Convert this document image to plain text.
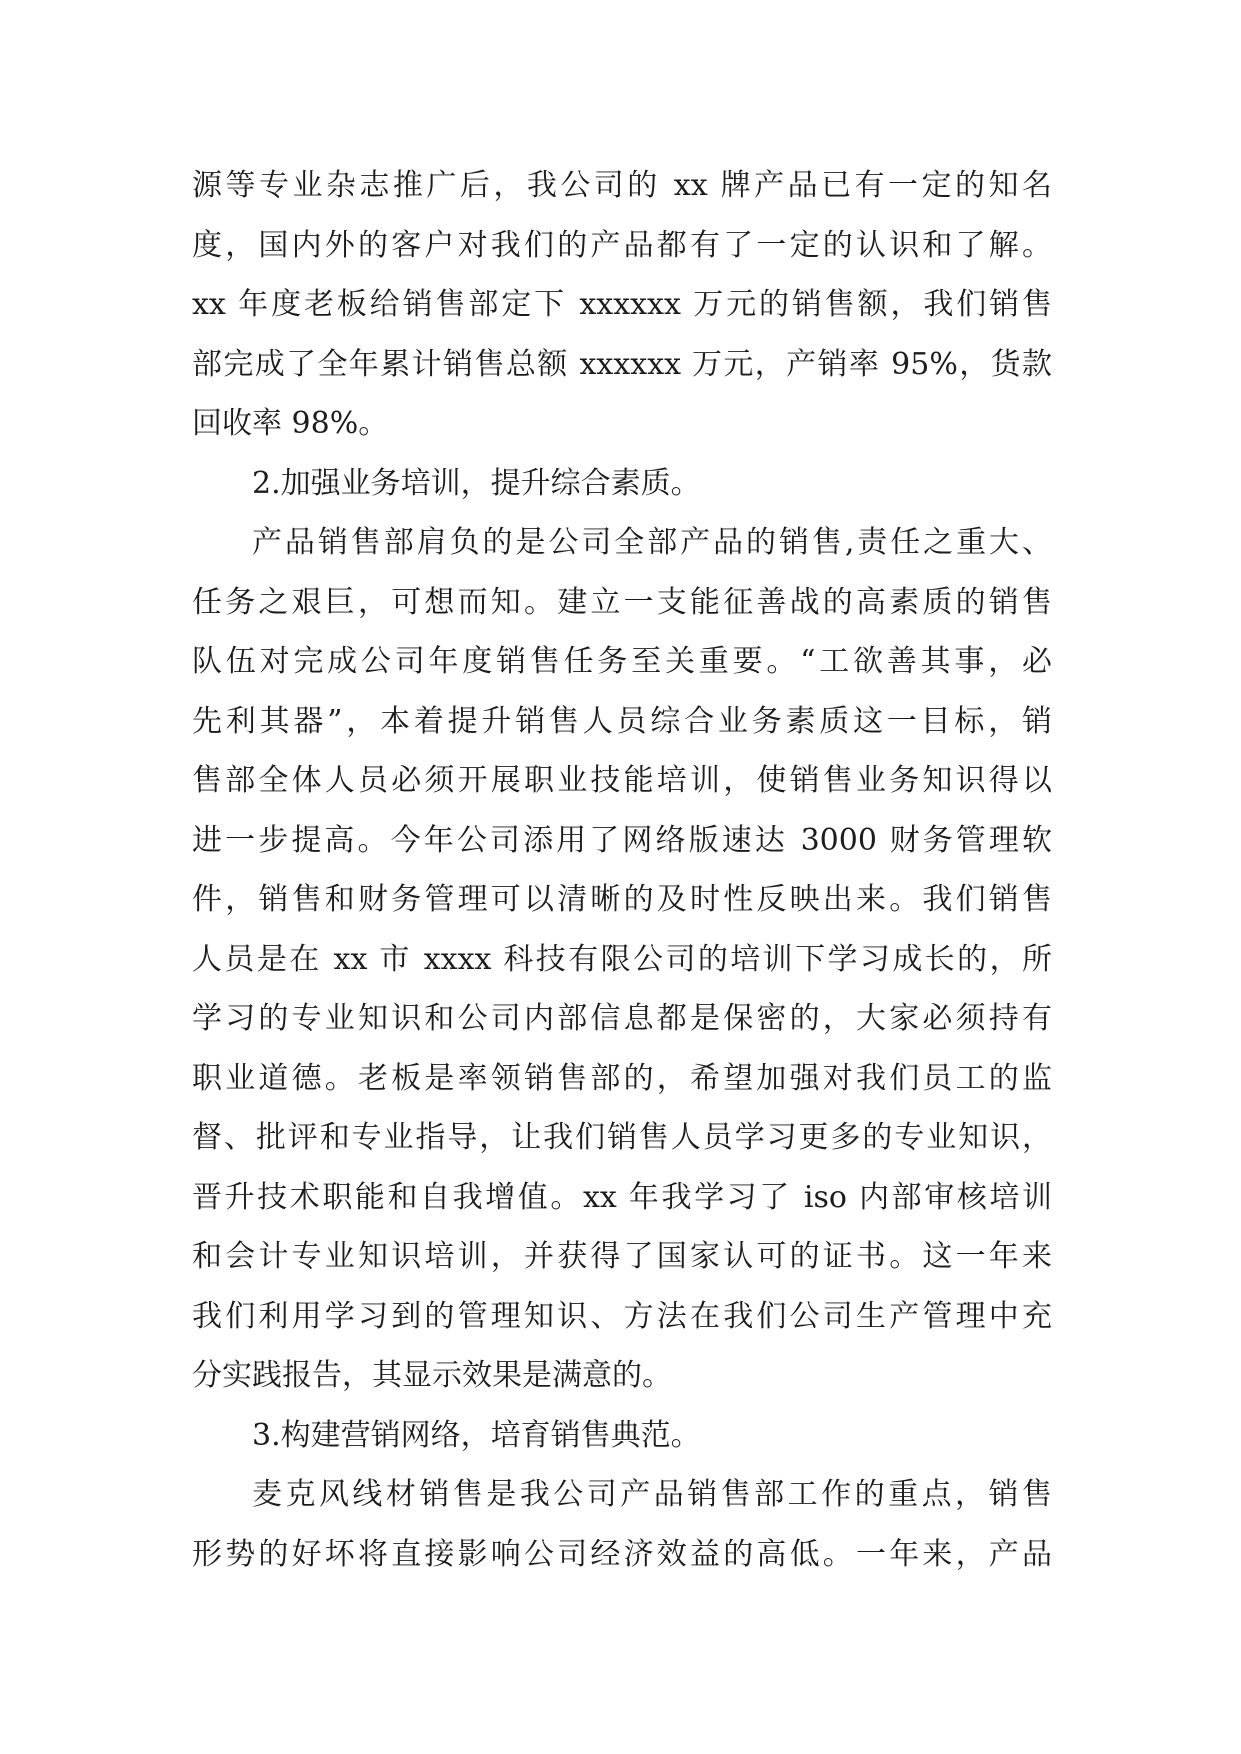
源等专业杂志推广后，我公司的 xx 牌产品已有一定的知名
度，国内外的客户对我们的产品都有了一定的认识和了解。
xx 年度老板给销售部定下 xxxxxx 万元的销售额，我们销售
部完成了全年累计销售总额 xxxxxx 万元，产销率 95%，货款
回收率 98%。
2.加强业务培训，提升综合素质。
产品销售部肩负的是公司全部产品的销售,责任之重大、
任务之艰巨，可想而知。建立一支能征善战的高素质的销售
队伍对完成公司年度销售任务至关重要。“工欲善其事，必
先利其器”，本着提升销售人员综合业务素质这一目标，销
售部全体人员必须开展职业技能培训，使销售业务知识得以
进一步提高。今年公司添用了网络版速达 3000 财务管理软
件，销售和财务管理可以清晰的及时性反映出来。我们销售
人员是在 xx 市 xxxx 科技有限公司的培训下学习成长的，所
学习的专业知识和公司内部信息都是保密的，大家必须持有
职业道德。老板是率领销售部的，希望加强对我们员工的监
督、批评和专业指导，让我们销售人员学习更多的专业知识，
晋升技术职能和自我增值。xx 年我学习了 iso 内部审核培训
和会计专业知识培训，并获得了国家认可的证书。这一年来
我们利用学习到的管理知识、方法在我们公司生产管理中充
分实践报告，其显示效果是满意的。
3.构建营销网络，培育销售典范。
麦克风线材销售是我公司产品销售部工作的重点，销售
形势的好坏将直接影响公司经济效益的高低。一年来，产品
